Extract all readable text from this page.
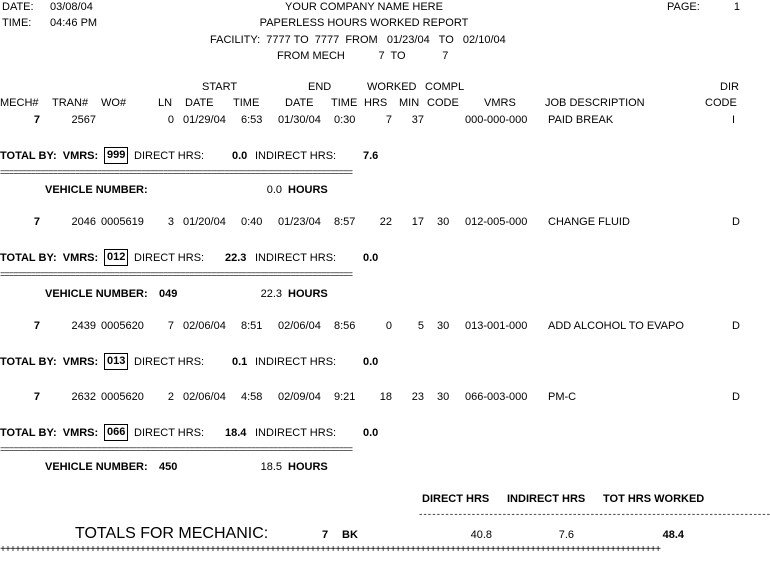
DATE: 03/08/04
TIME: 04:46 PM
YOUR COMPANY NAME HERE
PAPERLESS HOURS WORKED REPORT
FACILITY:  7777 TO  7777  FROM   01/23/04   TO   02/10/04
FROM MECH           7  TO            7
PAGE:	1
START	END	WORKED COMPL	DIR
MECH# TRAN# WO#	LN DATE TIME DATE TIME HRS MIN CODE VMRS	JOB DESCRIPTION	CODE
7	2567	0 01/29/04 6:53 01/30/04 0:30	7	37	000-000-000 PAID BREAK	I
TOTAL BY:  VMRS: 999 DIRECT HRS:	0.0 INDIRECT HRS: 7.6
================================================================================
VEHICLE NUMBER:	0.0 HOURS
7	2046 0005619	3 01/20/04 0:40 01/23/04 8:57	22	17 30 012-005-000 CHANGE FLUID	D
TOTAL BY:  VMRS: 012 DIRECT HRS: 22.3 INDIRECT HRS: 0.0
================================================================================
VEHICLE NUMBER: 049	22.3 HOURS
7	2439 0005620	7 02/06/04 8:51 02/06/04 8:56	0	5 30 013-001-000 ADD ALCOHOL TO EVAPO	D
TOTAL BY:  VMRS: 013 DIRECT HRS:	0.1 INDIRECT HRS: 0.0
7	2632 0005620	2 02/06/04 4:58 02/09/04 9:21	18	23 30 066-003-000 PM-C	D
TOTAL BY:  VMRS: 066 DIRECT HRS: 18.4 INDIRECT HRS: 0.0
================================================================================
VEHICLE NUMBER: 450	18.5 HOURS
DIRECT HRS INDIRECT HRS TOT HRS WORKED
--------------------------------------------------------------------------------
TOTALS FOR MECHANIC:	7 BK	40.8	7.6	48.4
++++++++++++++++++++++++++++++++++++++++++++++++++++++++++++++++++++++++++++++++++++++++++++++++++++++++++++++++++++++++++++++++++++
